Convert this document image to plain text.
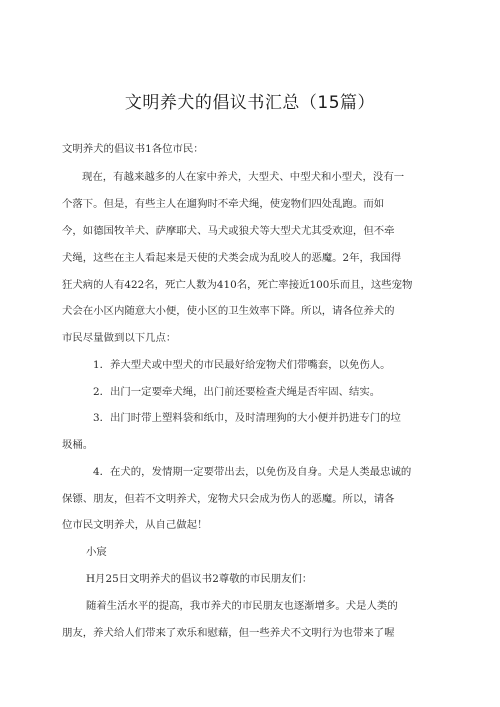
文明养犬的倡议书汇总（15篇）
文明养犬的倡议书1各位市民：
现在，有越来越多的人在家中养犬，大型犬、中型犬和小型犬，没有一
个落下。但是，有些主人在遛狗时不牵犬绳，使宠物们四处乱跑。而如
今，如德国牧羊犬、萨摩耶犬、马犬或狼犬等大型犬尤其受欢迎，但不牵
犬绳，这些在主人看起来是天使的犬类会成为乱咬人的恶魔。2年，我国得
狂犬病的人有422名，死亡人数为410名，死亡率接近100乐而且，这些宠物
犬会在小区内随意大小便，使小区的卫生效率下降。所以，请各位养犬的
市民尽量做到以下几点：
1．养大型犬或中型犬的市民最好给宠物犬们带嘴套，以免伤人。
2．出门一定要牵犬绳，出门前还要检查犬绳是否牢固、结实。
3．出门时带上塑料袋和纸巾，及时清理狗的大小便并扔进专门的垃
圾桶。
4．在犬的，发情期一定要带出去，以免伤及自身。犬是人类最忠诚的
保镖、朋友，但若不文明养犬，宠物犬只会成为伤人的恶魔。所以，请各
位市民文明养犬，从自己做起！
小宸
H月25日文明养犬的倡议书2尊敬的市民朋友们：
随着生活水平的提高，我市养犬的市民朋友也逐渐增多。犬是人类的
朋友，养犬给人们带来了欢乐和慰藉，但一些养犬不文明行为也带来了喔
